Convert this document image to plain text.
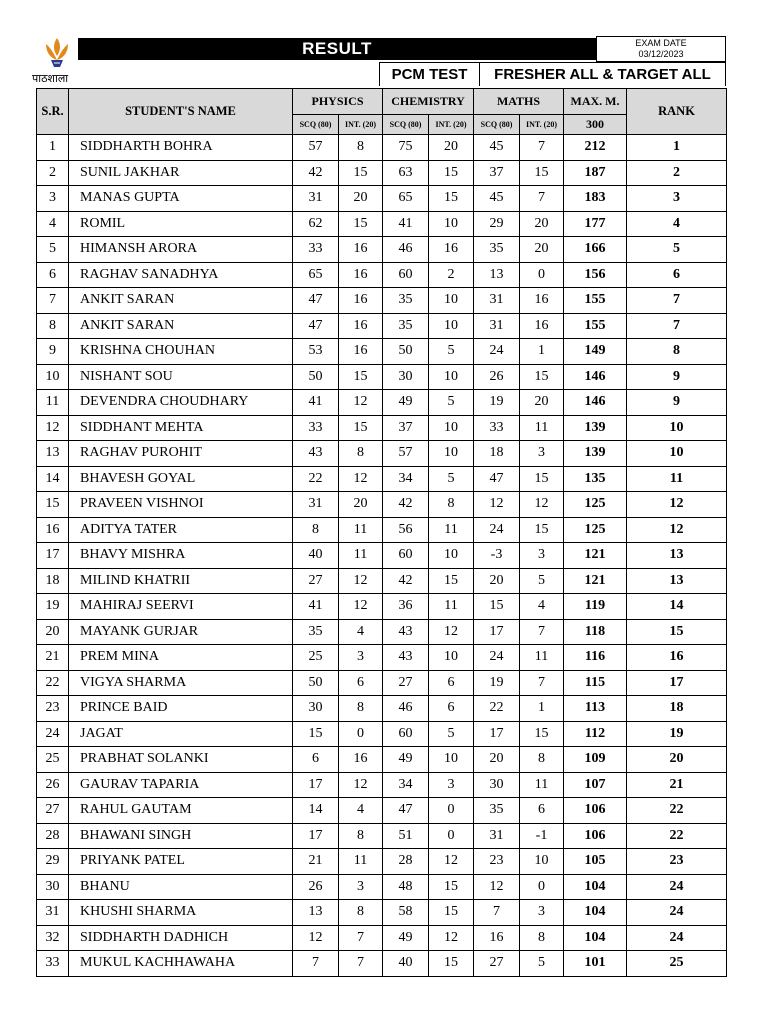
पाठशाला
RESULT	EXAM DATE
03/12/2023
PCM TEST	FRESHER ALL & TARGET ALL
S.R.	STUDENT'S NAME	PHYSICS		CHEMISTRY		MATHS		MAX. M.	RANK
		SCQ (80)	INT. (20)	SCQ (80)	INT. (20)	SCQ (80)	INT. (20)	300	
1	SIDDHARTH BOHRA	57	8	75	20	45	7	212	1
2	SUNIL JAKHAR	42	15	63	15	37	15	187	2
3	MANAS GUPTA	31	20	65	15	45	7	183	3
4	ROMIL	62	15	41	10	29	20	177	4
5	HIMANSH ARORA	33	16	46	16	35	20	166	5
6	RAGHAV SANADHYA	65	16	60	2	13	0	156	6
7	ANKIT SARAN	47	16	35	10	31	16	155	7
8	ANKIT SARAN	47	16	35	10	31	16	155	7
9	KRISHNA CHOUHAN	53	16	50	5	24	1	149	8
10	NISHANT SOU	50	15	30	10	26	15	146	9
11	DEVENDRA CHOUDHARY	41	12	49	5	19	20	146	9
12	SIDDHANT MEHTA	33	15	37	10	33	11	139	10
13	RAGHAV PUROHIT	43	8	57	10	18	3	139	10
14	BHAVESH GOYAL	22	12	34	5	47	15	135	11
15	PRAVEEN VISHNOI	31	20	42	8	12	12	125	12
16	ADITYA TATER	8	11	56	11	24	15	125	12
17	BHAVY MISHRA	40	11	60	10	-3	3	121	13
18	MILIND KHATRII	27	12	42	15	20	5	121	13
19	MAHIRAJ SEERVI	41	12	36	11	15	4	119	14
20	MAYANK GURJAR	35	4	43	12	17	7	118	15
21	PREM MINA	25	3	43	10	24	11	116	16
22	VIGYA SHARMA	50	6	27	6	19	7	115	17
23	PRINCE BAID	30	8	46	6	22	1	113	18
24	JAGAT	15	0	60	5	17	15	112	19
25	PRABHAT SOLANKI	6	16	49	10	20	8	109	20
26	GAURAV TAPARIA	17	12	34	3	30	11	107	21
27	RAHUL GAUTAM	14	4	47	0	35	6	106	22
28	BHAWANI SINGH	17	8	51	0	31	-1	106	22
29	PRIYANK PATEL	21	11	28	12	23	10	105	23
30	BHANU	26	3	48	15	12	0	104	24
31	KHUSHI SHARMA	13	8	58	15	7	3	104	24
32	SIDDHARTH DADHICH	12	7	49	12	16	8	104	24
33	MUKUL KACHHAWAHA	7	7	40	15	27	5	101	25
